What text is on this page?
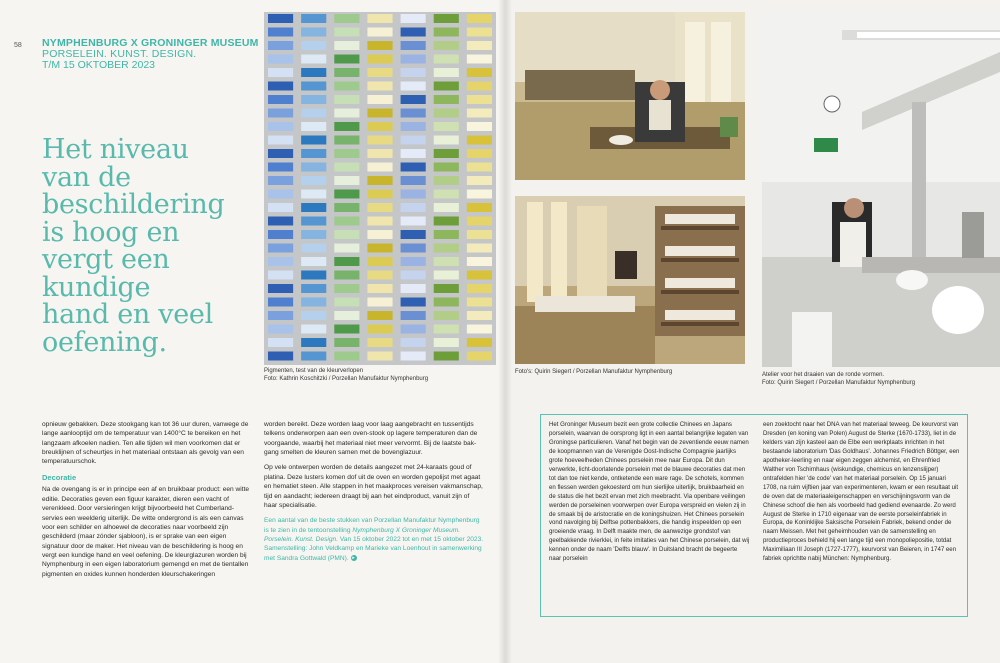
58 NYMPHENBURG X GRONINGER MUSEUM
PORSELEIN. KUNST. DESIGN.
T/M 15 OKTOBER 2023
Het niveau
van de
beschildering
is hoog en
vergt een
kundige
hand en veel
oefening.
Pigmenten, test van de kleurverlopen
Foto: Kathrin Koschitzki / Porzellan Manufaktur Nymphenburg

opnieuw gebakken. Deze stookgang kan tot 36 uur duren, vanwege de lange aanlooptijd om de temperatuur van 1400°C te bereiken en het langzaam afkoelen nadien. Ten alle tijden wil men voorkomen dat er breuklijnen of scheurtjes in het materiaal ontstaan als gevolg van een temperatuurschok.

Decoratie

Na de ovengang is er in principe een af en bruikbaar product: een witte editie. Decoraties geven een figuur karakter, dieren een vacht of verenkleed. Door versieringen krijgt bijvoorbeeld het Cumberland-servies een weelderig uiterlijk. De witte ondergrond is als een canvas voor een schilder en alhoewel de decoraties naar voorbeeld zijn geschilderd (maar zónder sjabloon), is er sprake van een eigen signatuur door de maker. Het niveau van de beschildering is hoog en vergt een kundige hand en veel oefening. De kleurglazuren worden bij Nymphenburg in een eigen laboratorium gemengd en met de tientallen pigmenten en oxides kunnen honderden kleurschakeringen

worden bereikt. Deze worden laag voor laag aangebracht en tussentijds telkens onderworpen aan een oven-stook op lagere temperaturen dan de voorgaande, waarbij het materiaal niet meer vervormt. Bij de laatste bak-gang smelten de kleuren samen met de bovenglazuur.

Op vele ontwerpen worden de details aangezet met 24-karaats goud of platina. Deze lusters komen dof uit de oven en worden gepolijst met agaat en hematiet steen. Alle stappen in het maakproces vereisen vakmanschap, tijd en aandacht; iedereen draagt bij aan het eindproduct, vanuit zijn of haar specialisatie.

Een aantal van de beste stukken van Porzellan Manufaktur Nymphenburg is te zien in de tentoonstelling Nymphenburg X Groninger Museum. Porselein. Kunst. Design. Van 15 oktober 2022 tot en met 15 oktober 2023. Samenstelling: John Veldkamp en Marieke van Loenhout in samenwerking met Sandra Gottwald (PMN). ▸

Foto's: Quirin Siegert / Porzellan Manufaktur Nymphenburg	Atelier voor het draaien van de ronde vormen.
Foto: Quirin Siegert / Porzellan Manufaktur Nymphenburg
Het Groninger Museum bezit een grote collectie Chinees en Japans porselein, waarvan de oorsprong ligt in een aantal belangrijke legaten van Groningse particulieren. Vanaf het begin van de zeventiende eeuw namen de koopmannen van de Verenigde Oost-Indische Compagnie jaarlijks grote hoeveelheden Chinees porselein mee naar Europa. Dit dun verwerkte, licht-doorlatende porselein met de blauwe decoraties dat men tot dan toe niet kende, ontketende een ware rage. De schotels, kommen en flessen werden gekoesterd om hun sierlijke uiterlijk, bruikbaarheid en de status die het bezit ervan met zich meebracht. Via openbare veilingen werden de porseleinen voorwerpen over Europa verspreid en vielen zij in de smaak bij de aristocratie en de koningshuizen. Het Chinees porselein vond navolging bij Delftse pottenbakkers, die handig inspeelden op een groeiende vraag. In Delft maakte men, de aanwezige grondstof van geelbakkende rivierklei, in feite imitaties van het Chinese porselein, dat wij kennen onder de naam 'Delfts blauw'. In Duitsland bracht de begeerte naar porselein
een zoektocht naar het DNA van het materiaal teweeg. De keurvorst van Dresden (en koning van Polen) August de Sterke (1670-1733), liet in de kelders van zijn kasteel aan de Elbe een werkplaats inrichten in het bestaande laboratorium 'Das Goldhaus'. Johannes Friedrich Böttger, een apotheker-leerling en naar eigen zeggen alchemist, en Ehrenfried Walther von Tschirnhaus (wiskundige, chemicus en lenzenslijper) ontrafelden hier 'de code' van het materiaal porselein. Op 15 januari 1708, na ruim vijftien jaar van experimenteren, kwam er een resultaat uit de oven dat de materiaaleigenschappen en verschijningsvorm van de Chinese schoof die hen als voorbeeld had gediend evenaarde. Zo werd August de Sterke in 1710 eigenaar van de eerste porseleinfabriek in Europa, de Koninklijke Saksische Porselein Fabriek, bekend onder de naam Meissen. Met het geheimhouden van de samenstelling en productieproces behield hij een lange tijd een monopoliepositie, totdat Maximiliaan III Joseph (1727-1777), keurvorst van Beieren, in 1747 een fabriek oprichtte nabij München: Nymphenburg.
